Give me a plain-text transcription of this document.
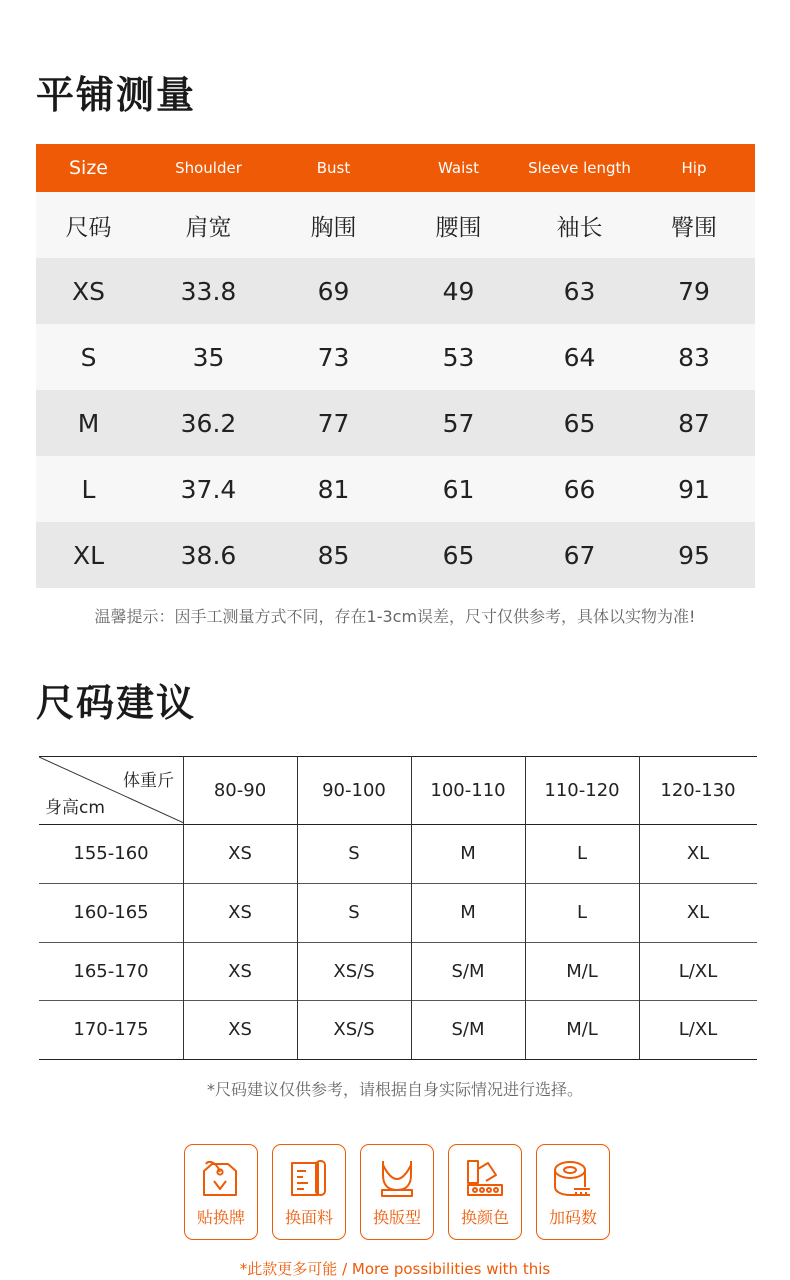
平铺测量
Size	Shoulder	Bust	Waist	Sleeve length	Hip
尺码	肩宽	胸围	腰围	袖长	臀围
XS	33.8	69	49	63	79
S	35	73	53	64	83
M	36.2	77	57	65	87
L	37.4	81	61	66	91
XL	38.6	85	65	67	95
温馨提示：因手工测量方式不同，存在1-3cm误差，尺寸仅供参考，具体以实物为准!
尺码建议
体重斤
身高cm
80-90	90-100	100-110	110-120	120-130
155-160	XS	S	M	L	XL
160-165	XS	S	M	L	XL
165-170	XS	XS/S	S/M	M/L	L/XL
170-175	XS	XS/S	S/M	M/L	L/XL
*尺码建议仅供参考，请根据自身实际情况进行选择。
贴换牌 换面料 换版型 换颜色 加码数
*此款更多可能 / More possibilities with this
